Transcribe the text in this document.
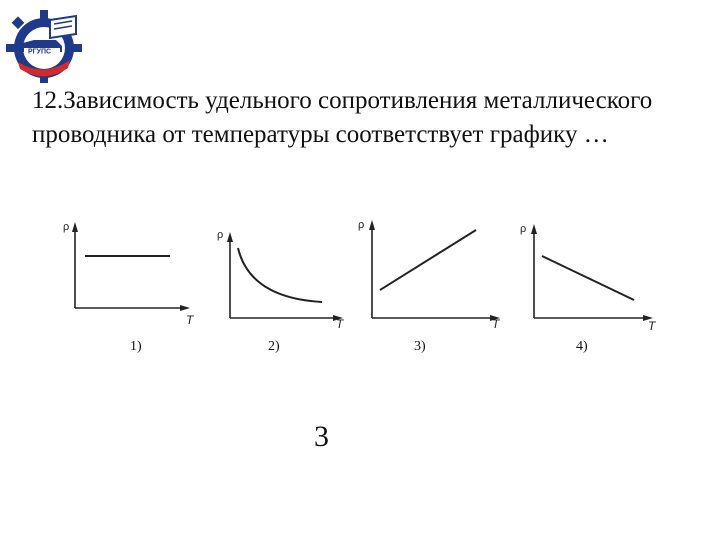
РГУПС

12.Зависимость удельного сопротивления металлического проводника от температуры соответствует графику …

ρ
T
1)
ρ
T
2)
ρ
T
3)
ρ
T
4)
3
